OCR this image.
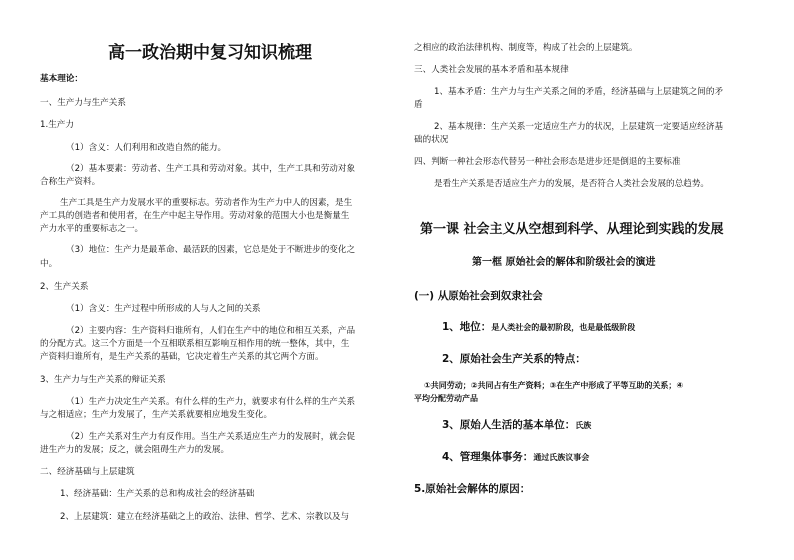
高一政治期中复习知识梳理
基本理论：
一、生产力与生产关系
1.生产力
（1）含义：人们利用和改造自然的能力。
（2）基本要素：劳动者、生产工具和劳动对象。其中，生产工具和劳动对象
合称生产资料。
生产工具是生产力发展水平的重要标志。劳动者作为生产力中人的因素，是生
产工具的创造者和使用者，在生产中起主导作用。劳动对象的范围大小也是衡量生
产力水平的重要标志之一。
（3）地位：生产力是最革命、最活跃的因素，它总是处于不断进步的变化之
中。
2、生产关系
（1）含义：生产过程中所形成的人与人之间的关系
（2）主要内容：生产资料归谁所有，人们在生产中的地位和相互关系，产品
的分配方式。这三个方面是一个互相联系相互影响互相作用的统一整体，其中，生
产资料归谁所有，是生产关系的基础，它决定着生产关系的其它两个方面。
3、生产力与生产关系的辩证关系
（1）生产力决定生产关系。有什么样的生产力，就要求有什么样的生产关系
与之相适应；生产力发展了，生产关系就要相应地发生变化。
（2）生产关系对生产力有反作用。当生产关系适应生产力的发展时，就会促
进生产力的发展；反之，就会阻碍生产力的发展。
二、经济基础与上层建筑
1、经济基础：生产关系的总和构成社会的经济基础
2、上层建筑：建立在经济基础之上的政治、法律、哲学、艺术、宗教以及与
之相应的政治法律机构、制度等，构成了社会的上层建筑。
三、人类社会发展的基本矛盾和基本规律
1、基本矛盾：生产力与生产关系之间的矛盾，经济基础与上层建筑之间的矛
盾
2、基本规律：生产关系一定适应生产力的状况，上层建筑一定要适应经济基
础的状况
四、判断一种社会形态代替另一种社会形态是进步还是倒退的主要标准
是看生产关系是否适应生产力的发展，是否符合人类社会发展的总趋势。
第一课 社会主义从空想到科学、从理论到实践的发展
第一框 原始社会的解体和阶级社会的演进
(一) 从原始社会到奴隶社会
1、地位：是人类社会的最初阶段，也是最低级阶段
2、原始社会生产关系的特点：
①共同劳动；②共同占有生产资料；③在生产中形成了平等互助的关系；④
平均分配劳动产品
3、原始人生活的基本单位：氏族
4、管理集体事务：通过氏族议事会
5.原始社会解体的原因：
